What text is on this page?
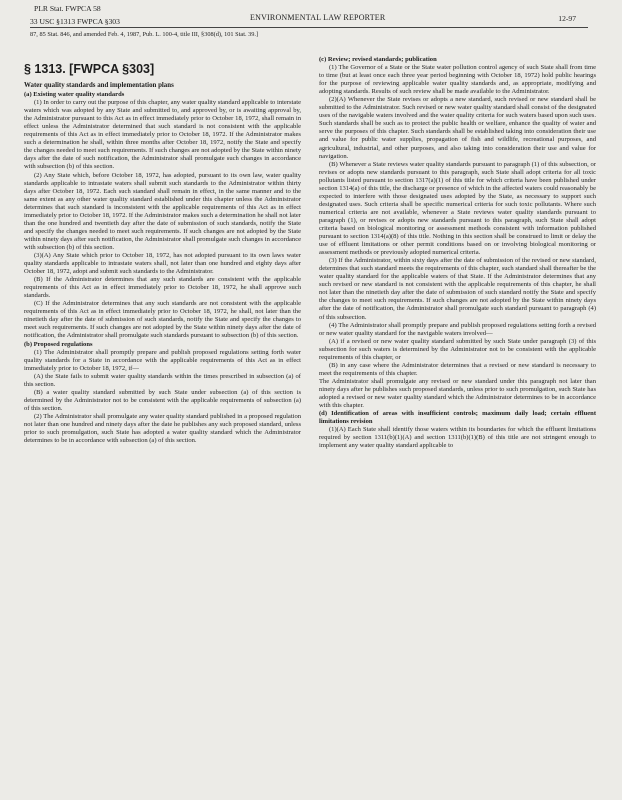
PLR Stat. FWPCA 58
33 USC §1313 FWPCA §303	ENVIRONMENTAL LAW REPORTER	12-97
87, 85 Stat. 846, and amended Feb. 4, 1987, Pub. L. 100-4, title III, §308(d), 101 Stat. 39.]
§ 1313. [FWPCA §303]
Water quality standards and implementation plans

(a) Existing water quality standards

(1) In order to carry out the purpose of this chapter, any water quality standard applicable to interstate waters which was adopted by any State and submitted to, and approved by, or is awaiting approval by, the Administrator pursuant to this Act as in effect immediately prior to October 18, 1972, shall remain in effect unless the Administrator determined that such standard is not consistent with the applicable requirements of this Act as in effect immediately prior to October 18, 1972. If the Administrator makes such a determination he shall, within three months after October 18, 1972, notify the State and specify the changes needed to meet such requirements. If such changes are not adopted by the State within ninety days after the date of such notification, the Administrator shall promulgate such changes in accordance with subsection (b) of this section.

(2) Any State which, before October 18, 1972, has adopted, pursuant to its own law, water quality standards applicable to intrastate waters shall submit such standards to the Administrator within thirty days after October 18, 1972. Each such standard shall remain in effect, in the same manner and to the same extent as any other water quality standard established under this chapter unless the Administrator determines that such standard is inconsistent with the applicable requirements of this Act as in effect immediately prior to October 18, 1972. If the Administrator makes such a determination he shall not later than the one hundred and twentieth day after the date of submission of such standards, notify the State and specify the changes needed to meet such requirements. If such changes are not adopted by the State within ninety days after such notification, the Administrator shall promulgate such changes in accordance with subsection (b) of this section.

(3)(A) Any State which prior to October 18, 1972, has not adopted pursuant to its own laws water quality standards applicable to intrastate waters shall, not later than one hundred and eighty days after October 18, 1972, adopt and submit such standards to the Administrator.

(B) If the Administrator determines that any such standards are consistent with the applicable requirements of this Act as in effect immediately prior to October 18, 1972, he shall approve such standards.

(C) If the Administrator determines that any such standards are not consistent with the applicable requirements of this Act as in effect immediately prior to October 18, 1972, he shall, not later than the ninetieth day after the date of submission of such standards, notify the State and specify the changes to meet such requirements. If such changes are not adopted by the State within ninety days after the date of notification, the Administrator shall promulgate such standards pursuant to subsection (b) of this section.

(b) Proposed regulations

(1) The Administrator shall promptly prepare and publish proposed regulations setting forth water quality standards for a State in accordance with the applicable requirements of this Act as in effect immediately prior to October 18, 1972, if—

(A) the State fails to submit water quality standards within the times prescribed in subsection (a) of this section.

(B) a water quality standard submitted by such State under subsection (a) of this section is determined by the Administrator not to be consistent with the applicable requirements of subsection (a) of this section.

(2) The Administrator shall promulgate any water quality standard published in a proposed regulation not later than one hundred and ninety days after the date he publishes any such proposed standard, unless prior to such promulgation, such State has adopted a water quality standard which the Administrator determines to be in accordance with subsection (a) of this section.

(c) Review; revised standards; publication

(1) The Governor of a State or the State water pollution control agency of such State shall from time to time (but at least once each three year period beginning with October 18, 1972) hold public hearings for the purpose of reviewing applicable water quality standards and, as appropriate, modifying and adopting standards. Results of such review shall be made available to the Administrator.

(2)(A) Whenever the State revises or adopts a new standard, such revised or new standard shall be submitted to the Administrator. Such revised or new water quality standard shall consist of the designated uses of the navigable waters involved and the water quality criteria for such waters based upon such uses. Such standards shall be such as to protect the public health or welfare, enhance the quality of water and serve the purposes of this chapter. Such standards shall be established taking into consideration their use and value for public water supplies, propagation of fish and wildlife, recreational purposes, and agricultural, industrial, and other purposes, and also taking into consideration their use and value for navigation.

(B) Whenever a State reviews water quality standards pursuant to paragraph (1) of this subsection, or revises or adopts new standards pursuant to this paragraph, such State shall adopt criteria for all toxic pollutants listed pursuant to section 1317(a)(1) of this title for which criteria have been published under section 1314(a) of this title, the discharge or presence of which in the affected waters could reasonably be expected to interfere with those designated uses adopted by the State, as necessary to support such designated uses. Such criteria shall be specific numerical criteria for such toxic pollutants. Where such numerical criteria are not available, whenever a State reviews water quality standards pursuant to paragraph (1), or revises or adopts new standards pursuant to this paragraph, such State shall adopt criteria based on biological monitoring or assessment methods consistent with information published pursuant to section 1314(a)(8) of this title. Nothing in this section shall be construed to limit or delay the use of effluent limitations or other permit conditions based on or involving biological monitoring or assessment methods or previously adopted numerical criteria.

(3) If the Administrator, within sixty days after the date of submission of the revised or new standard, determines that such standard meets the requirements of this chapter, such standard shall thereafter be the water quality standard for the applicable waters of that State. If the Administrator determines that any such revised or new standard is not consistent with the applicable requirements of this chapter, he shall not later than the ninetieth day after the date of submission of such standard notify the State and specify the changes to meet such requirements. If such changes are not adopted by the State within ninety days after the date of notification, the Administrator shall promulgate such standard pursuant to paragraph (4) of this subsection.

(4) The Administrator shall promptly prepare and publish proposed regulations setting forth a revised or new water quality standard for the navigable waters involved—

(A) if a revised or new water quality standard submitted by such State under paragraph (3) of this subsection for such waters is determined by the Administrator not to be consistent with the applicable requirements of this chapter, or

(B) in any case where the Administrator determines that a revised or new standard is necessary to meet the requirements of this chapter.

The Administrator shall promulgate any revised or new standard under this paragraph not later than ninety days after he publishes such proposed standards, unless prior to such promulgation, such State has adopted a revised or new water quality standard which the Administrator determines to be in accordance with this chapter.

(d) Identification of areas with insufficient controls; maximum daily load; certain effluent limitations revision

(1)(A) Each State shall identify those waters within its boundaries for which the effluent limitations required by section 1311(b)(1)(A) and section 1311(b)(1)(B) of this title are not stringent enough to implement any water quality standard applicable to
